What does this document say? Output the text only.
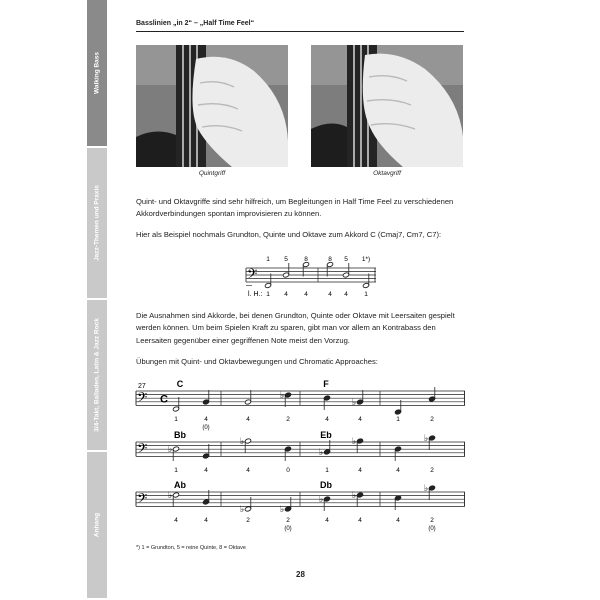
Walking Bass
Jazz-Themen und Praxis
3/4-Takt, Balladen, Latin & Jazz Rock
Anhang
Basslinien „in 2“ – „Half Time Feel“
Quintgriff	Oktavgriff
Quint- und Oktavgriffe sind sehr hilfreich, um Begleitungen in Half Time Feel zu verschiedenen Akkordverbindungen spontan improvisieren zu können.
Hier als Beispiel nochmals Grundton, Quinte und Oktave zum Akkord C (Cmaj7, Cm7, C7):
Die Ausnahmen sind Akkorde, bei denen Grundton, Quinte oder Oktave mit Leersaiten gespielt werden können. Um beim Spielen Kraft zu sparen, gibt man vor allem an Kontrabass den Leersaiten gegenüber einer gegriffenen Note meist den Vorzug.
Übungen mit Quint- und Oktavbewegungen und Chromatic Approaches:
𝄢
1 5	8	8 5 1*)
1 4	4	4 4	1
l. H.:
𝄢 C
C	F
1	4
(0)
4
♭
2	4
♭
4	1	2
𝄢
Bb	Eb
♭
1	4
♭
4	0
♭
1
♭
4	4
♭
2
𝄢
Ab	Db
♭
4	4
♭
2
♭
2
(0)
♭
4
♭
4	4
♭
2
(0)
27
*) 1 = Grundton, 5 = reine Quinte, 8 = Oktave
28
